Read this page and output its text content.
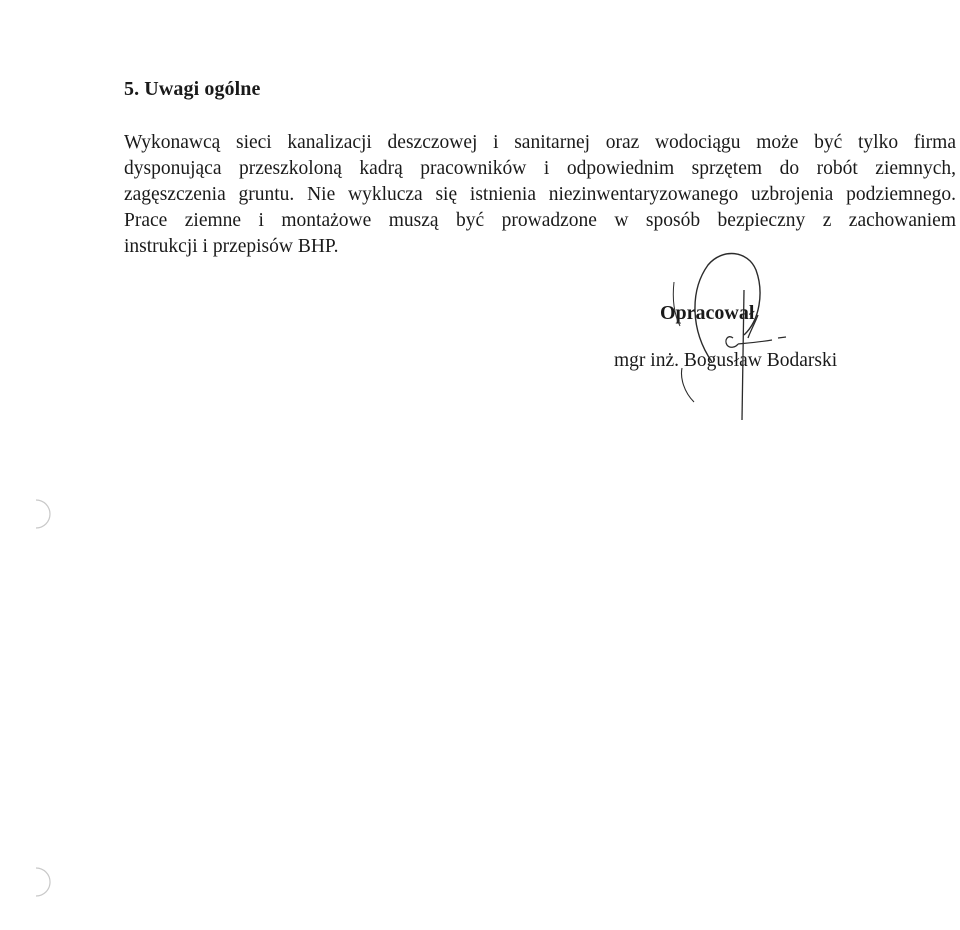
5. Uwagi ogólne
Wykonawcą sieci kanalizacji deszczowej i sanitarnej oraz wodociągu może być tylko firma
dysponująca przeszkoloną kadrą pracowników i odpowiednim sprzętem do robót ziemnych,
zagęszczenia gruntu. Nie wyklucza się istnienia niezinwentaryzowanego uzbrojenia podziemnego.
Prace ziemne i montażowe muszą być prowadzone w sposób bezpieczny z zachowaniem
instrukcji i przepisów BHP.
Opracował
mgr inż. Bogusław Bodarski
